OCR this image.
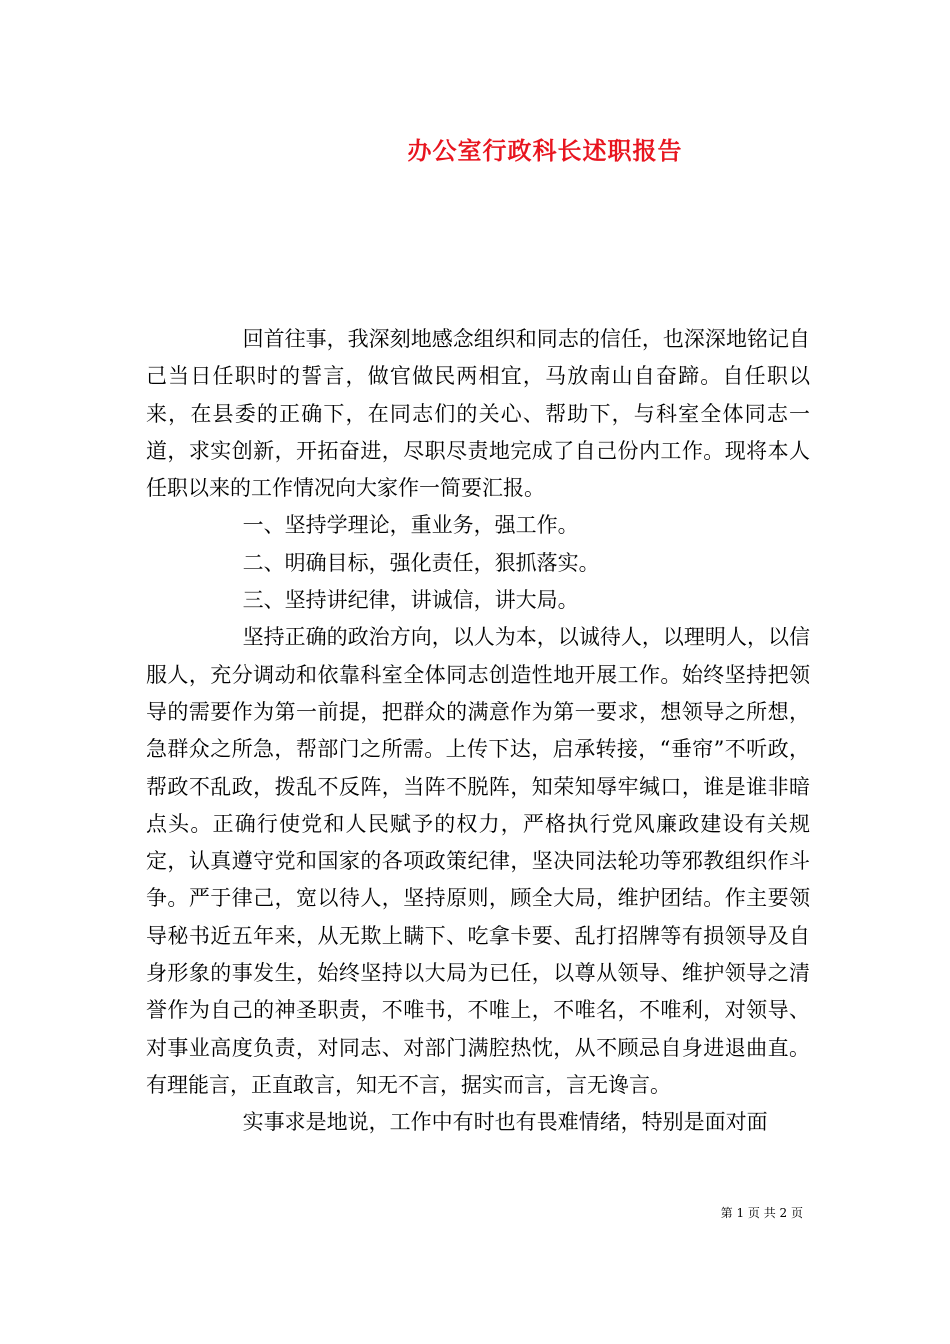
办公室行政科长述职报告

回首往事，我深刻地感念组织和同志的信任，也深深地铭记自己当日任职时的誓言，做官做民两相宜，马放南山自奋蹄。自任职以来，在县委的正确下，在同志们的关心、帮助下，与科室全体同志一道，求实创新，开拓奋进，尽职尽责地完成了自己份内工作。现将本人任职以来的工作情况向大家作一简要汇报。

一、坚持学理论，重业务，强工作。

二、明确目标，强化责任，狠抓落实。

三、坚持讲纪律，讲诚信，讲大局。

坚持正确的政治方向，以人为本，以诚待人，以理明人，以信服人，充分调动和依靠科室全体同志创造性地开展工作。始终坚持把领导的需要作为第一前提，把群众的满意作为第一要求，想领导之所想，急群众之所急，帮部门之所需。上传下达，启承转接，“垂帘”不听政，帮政不乱政，拨乱不反阵，当阵不脱阵，知荣知辱牢缄口，谁是谁非暗点头。正确行使党和人民赋予的权力，严格执行党风廉政建设有关规定，认真遵守党和国家的各项政策纪律，坚决同法轮功等邪教组织作斗争。严于律己，宽以待人，坚持原则，顾全大局，维护团结。作主要领导秘书近五年来，从无欺上瞒下、吃拿卡要、乱打招牌等有损领导及自身形象的事发生，始终坚持以大局为已任，以尊从领导、维护领导之清誉作为自己的神圣职责，不唯书，不唯上，不唯名，不唯利，对领导、对事业高度负责，对同志、对部门满腔热忱，从不顾忌自身进退曲直。有理能言，正直敢言，知无不言，据实而言，言无谗言。

实事求是地说，工作中有时也有畏难情绪，特别是面对面

第 1 页 共 2 页
